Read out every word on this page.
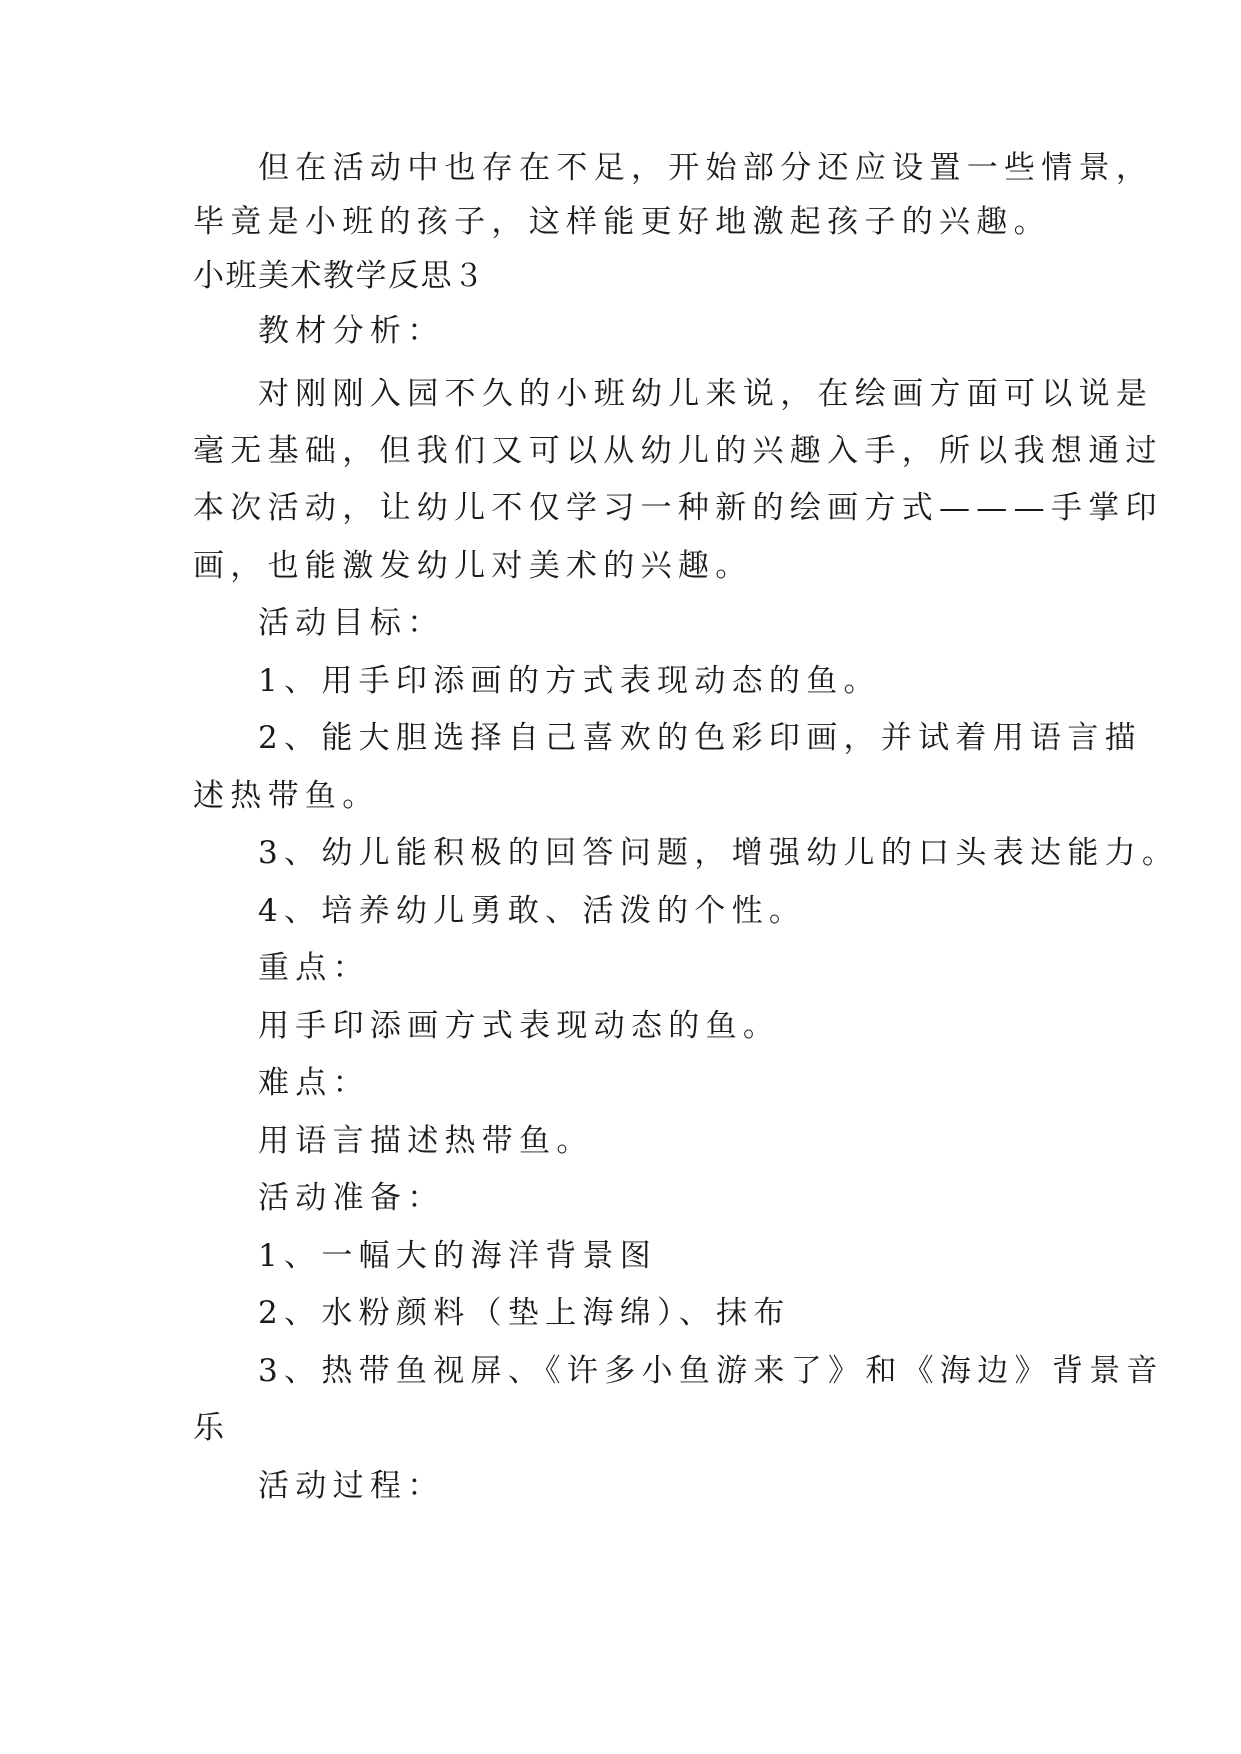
但在活动中也存在不足，开始部分还应设置一些情景，
毕竟是小班的孩子，这样能更好地激起孩子的兴趣。
小班美术教学反思３
教材分析：
对刚刚入园不久的小班幼儿来说，在绘画方面可以说是
毫无基础，但我们又可以从幼儿的兴趣入手，所以我想通过
本次活动，让幼儿不仅学习一种新的绘画方式———手掌印
画，也能激发幼儿对美术的兴趣。
活动目标：
1、用手印添画的方式表现动态的鱼。
2、能大胆选择自己喜欢的色彩印画，并试着用语言描
述热带鱼。
3、幼儿能积极的回答问题，增强幼儿的口头表达能力。
4、培养幼儿勇敢、活泼的个性。
重点：
用手印添画方式表现动态的鱼。
难点：
用语言描述热带鱼。
活动准备：
1、一幅大的海洋背景图
2、水粉颜料（垫上海绵）、抹布
3、热带鱼视屏、《许多小鱼游来了》和《海边》背景音
乐
活动过程：
